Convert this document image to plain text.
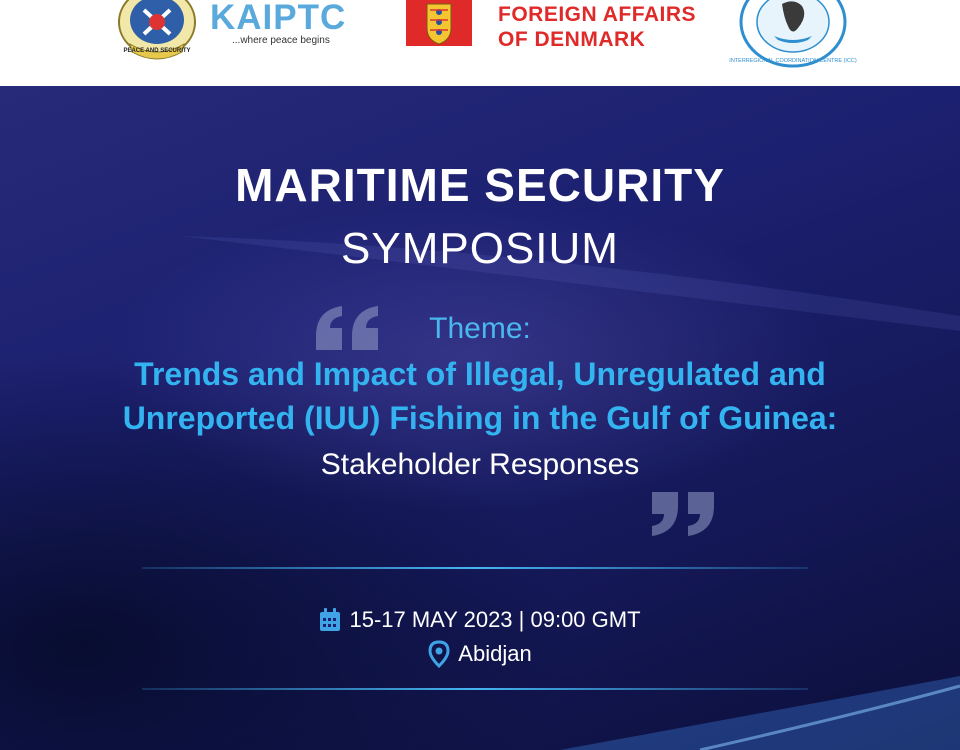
PEACE AND SECURITY
KAIPTC
...where peace begins
FOREIGN AFFAIRS
OF DENMARK
INTERREGIONAL COORDINATION CENTRE (ICC)
MARITIME SECURITY
SYMPOSIUM
Theme:
Trends and Impact of Illegal, Unregulated and
Unreported (IUU) Fishing in the Gulf of Guinea:
Stakeholder Responses
15-17 MAY 2023 | 09:00 GMT
Abidjan
